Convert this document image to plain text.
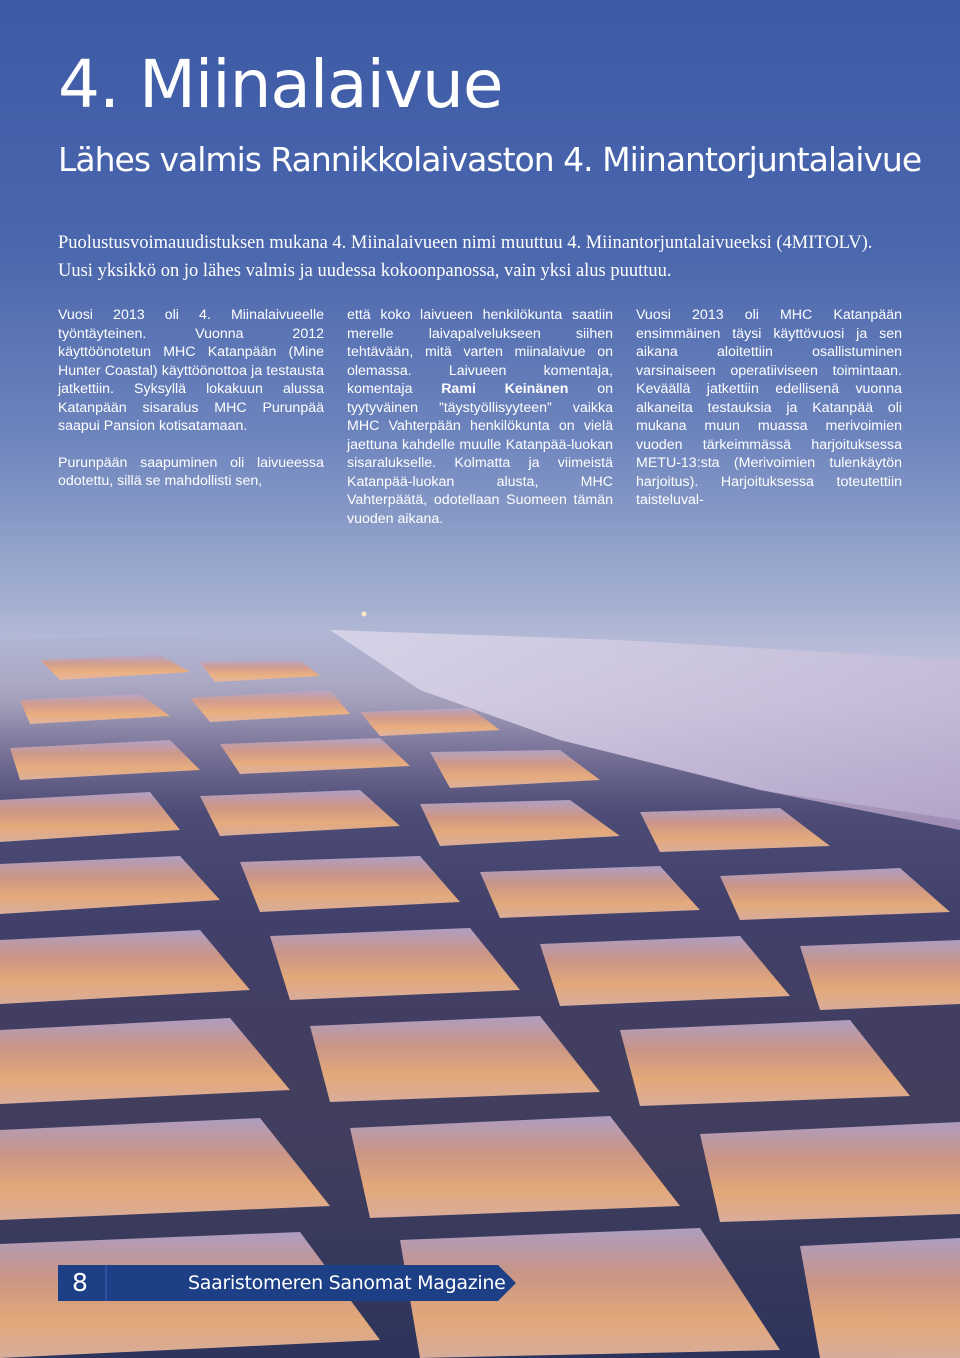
4. Miinalaivue
Lähes valmis Rannikkolaivaston 4. Miinantorjuntalaivue

Puolustusvoimauudistuksen mukana 4. Miinalaivueen nimi muuttuu 4. Miinantorjuntalaivueeksi (4MITOLV). Uusi yksikkö on jo lähes valmis ja uudessa kokoonpanossa, vain yksi alus puuttuu.

Vuosi 2013 oli 4. Miinalaivueelle työntäyteinen. Vuonna 2012 käyttöönotetun MHC Katanpään (Mine Hunter Coastal) käyttöönottoa ja testausta jatkettiin. Syksyllä lokakuun alussa Katanpään sisaralus MHC Purunpää saapui Pansion kotisatamaan.

Purunpään saapuminen oli laivueessa odotettu, sillä se mahdollisti sen,

että koko laivueen henkilökunta saatiin merelle laivapalvelukseen siihen tehtävään, mitä varten miinalaivue on olemassa. Laivueen komentaja, komentaja Rami Keinänen on tyytyväinen ”täystyöllisyyteen” vaikka MHC Vahterpään henkilökunta on vielä jaettuna kahdelle muulle Katanpää-luokan sisaralukselle. Kolmatta ja viimeistä Katanpää-luokan alusta, MHC Vahterpäätä, odotellaan Suomeen tämän vuoden aikana.

Vuosi 2013 oli MHC Katanpään ensimmäinen täysi käyttövuosi ja sen aikana aloitettiin osallistuminen varsinaiseen operatiiviseen toimintaan. Keväällä jatkettiin edellisenä vuonna alkaneita testauksia ja Katanpää oli mukana muun muassa merivoimien vuoden tärkeimmässä harjoituksessa METU-13:sta (Merivoimien tulenkäytön harjoitus). Harjoituksessa toteutettiin taisteluval-

8	Saaristomeren Sanomat Magazine
